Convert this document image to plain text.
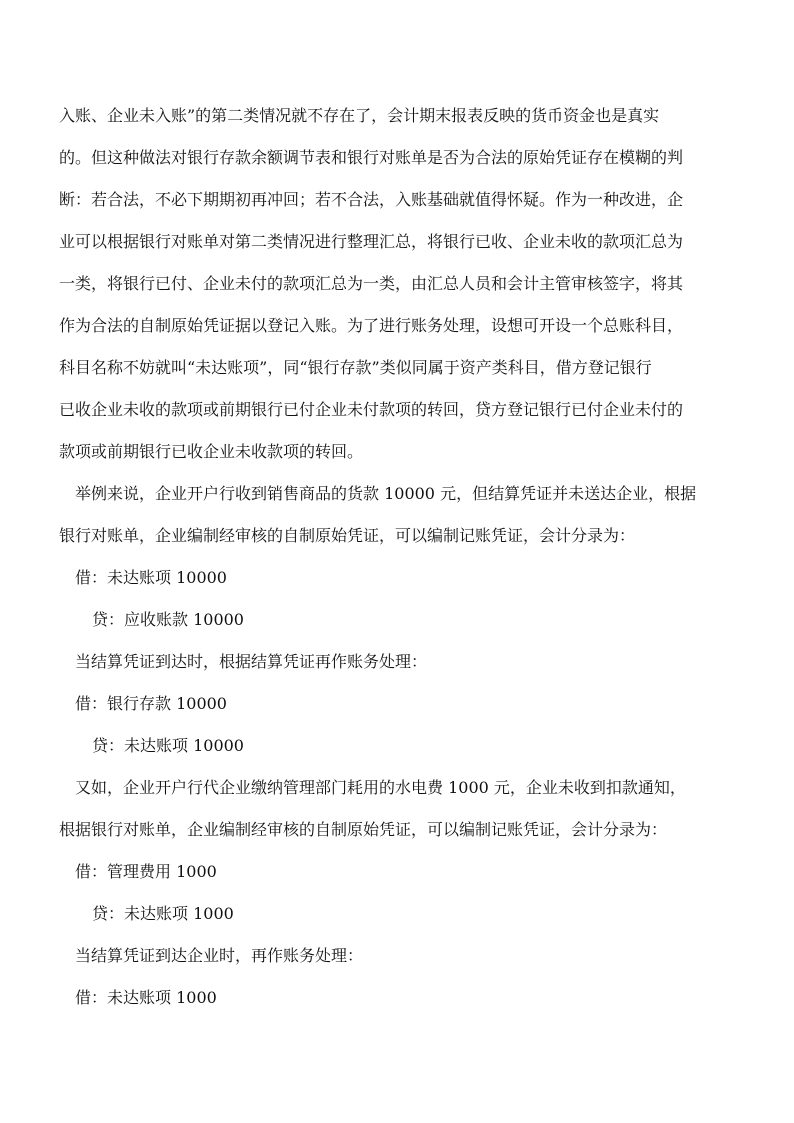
入账、企业未入账”的第二类情况就不存在了，会计期末报表反映的货币资金也是真实
的。但这种做法对银行存款余额调节表和银行对账单是否为合法的原始凭证存在模糊的判
断：若合法，不必下期期初再冲回；若不合法，入账基础就值得怀疑。作为一种改进，企
业可以根据银行对账单对第二类情况进行整理汇总，将银行已收、企业未收的款项汇总为
一类，将银行已付、企业未付的款项汇总为一类，由汇总人员和会计主管审核签字，将其
作为合法的自制原始凭证据以登记入账。为了进行账务处理，设想可开设一个总账科目，
科目名称不妨就叫“未达账项”，同“银行存款”类似同属于资产类科目，借方登记银行
已收企业未收的款项或前期银行已付企业未付款项的转回，贷方登记银行已付企业未付的
款项或前期银行已收企业未收款项的转回。
举例来说，企业开户行收到销售商品的货款 10000 元，但结算凭证并未送达企业，根据
银行对账单，企业编制经审核的自制原始凭证，可以编制记账凭证，会计分录为：
借：未达账项 10000
贷：应收账款 10000
当结算凭证到达时，根据结算凭证再作账务处理：
借：银行存款 10000
贷：未达账项 10000
又如，企业开户行代企业缴纳管理部门耗用的水电费 1000 元，企业未收到扣款通知，
根据银行对账单，企业编制经审核的自制原始凭证，可以编制记账凭证，会计分录为：
借：管理费用 1000
贷：未达账项 1000
当结算凭证到达企业时，再作账务处理：
借：未达账项 1000
